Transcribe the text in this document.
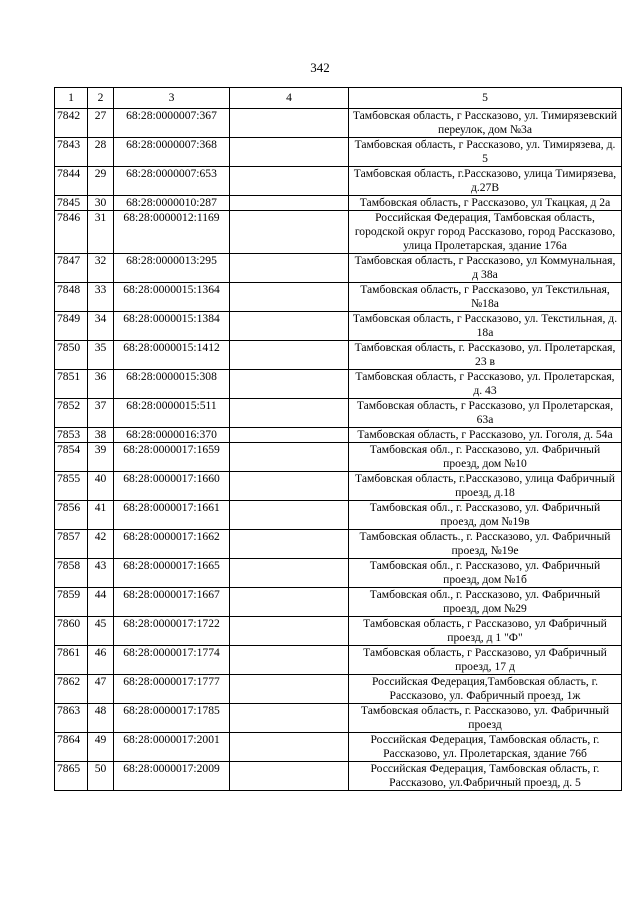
342
1	2	3	4	5
7842	27	68:28:0000007:367		Тамбовская область, г Рассказово, ул. Тимирязевский переулок, дом №3а
7843	28	68:28:0000007:368		Тамбовская область, г Рассказово, ул. Тимирязева, д. 5
7844	29	68:28:0000007:653		Тамбовская область, г.Рассказово, улица Тимирязева, д.27В
7845	30	68:28:0000010:287		Тамбовская область, г Рассказово, ул Ткацкая, д 2а
7846	31	68:28:0000012:1169		Российская Федерация, Тамбовская область, городской округ город Рассказово, город Рассказово, улица Пролетарская, здание 176а
7847	32	68:28:0000013:295		Тамбовская область, г Рассказово, ул Коммунальная, д 38а
7848	33	68:28:0000015:1364		Тамбовская область, г Рассказово, ул Текстильная, №18а
7849	34	68:28:0000015:1384		Тамбовская область, г Рассказово, ул. Текстильная, д. 18а
7850	35	68:28:0000015:1412		Тамбовская область, г. Рассказово, ул. Пролетарская, 23 в
7851	36	68:28:0000015:308		Тамбовская область, г Рассказово, ул. Пролетарская, д. 43
7852	37	68:28:0000015:511		Тамбовская область, г Рассказово, ул Пролетарская, 63а
7853	38	68:28:0000016:370		Тамбовская область, г Рассказово, ул. Гоголя, д. 54а
7854	39	68:28:0000017:1659		Тамбовская обл., г. Рассказово, ул. Фабричный проезд, дом №10
7855	40	68:28:0000017:1660		Тамбовская область, г.Рассказово, улица Фабричный проезд, д.18
7856	41	68:28:0000017:1661		Тамбовская обл., г. Рассказово, ул. Фабричный проезд, дом №19в
7857	42	68:28:0000017:1662		Тамбовская область., г. Рассказово, ул. Фабричный проезд, №19е
7858	43	68:28:0000017:1665		Тамбовская обл., г. Рассказово, ул. Фабричный проезд, дом №1б
7859	44	68:28:0000017:1667		Тамбовская обл., г. Рассказово, ул. Фабричный проезд, дом №29
7860	45	68:28:0000017:1722		Тамбовская область, г Рассказово, ул Фабричный проезд, д 1 "Ф"
7861	46	68:28:0000017:1774		Тамбовская область, г Рассказово, ул Фабричный проезд, 17 д
7862	47	68:28:0000017:1777		Российская Федерация,Тамбовская область, г. Рассказово, ул. Фабричный проезд, 1ж
7863	48	68:28:0000017:1785		Тамбовская область, г. Рассказово, ул. Фабричный проезд
7864	49	68:28:0000017:2001		Российская Федерация, Тамбовская область, г. Рассказово, ул. Пролетарская, здание 76б
7865	50	68:28:0000017:2009		Российская Федерация, Тамбовская область, г. Рассказово, ул.Фабричный проезд, д. 5
